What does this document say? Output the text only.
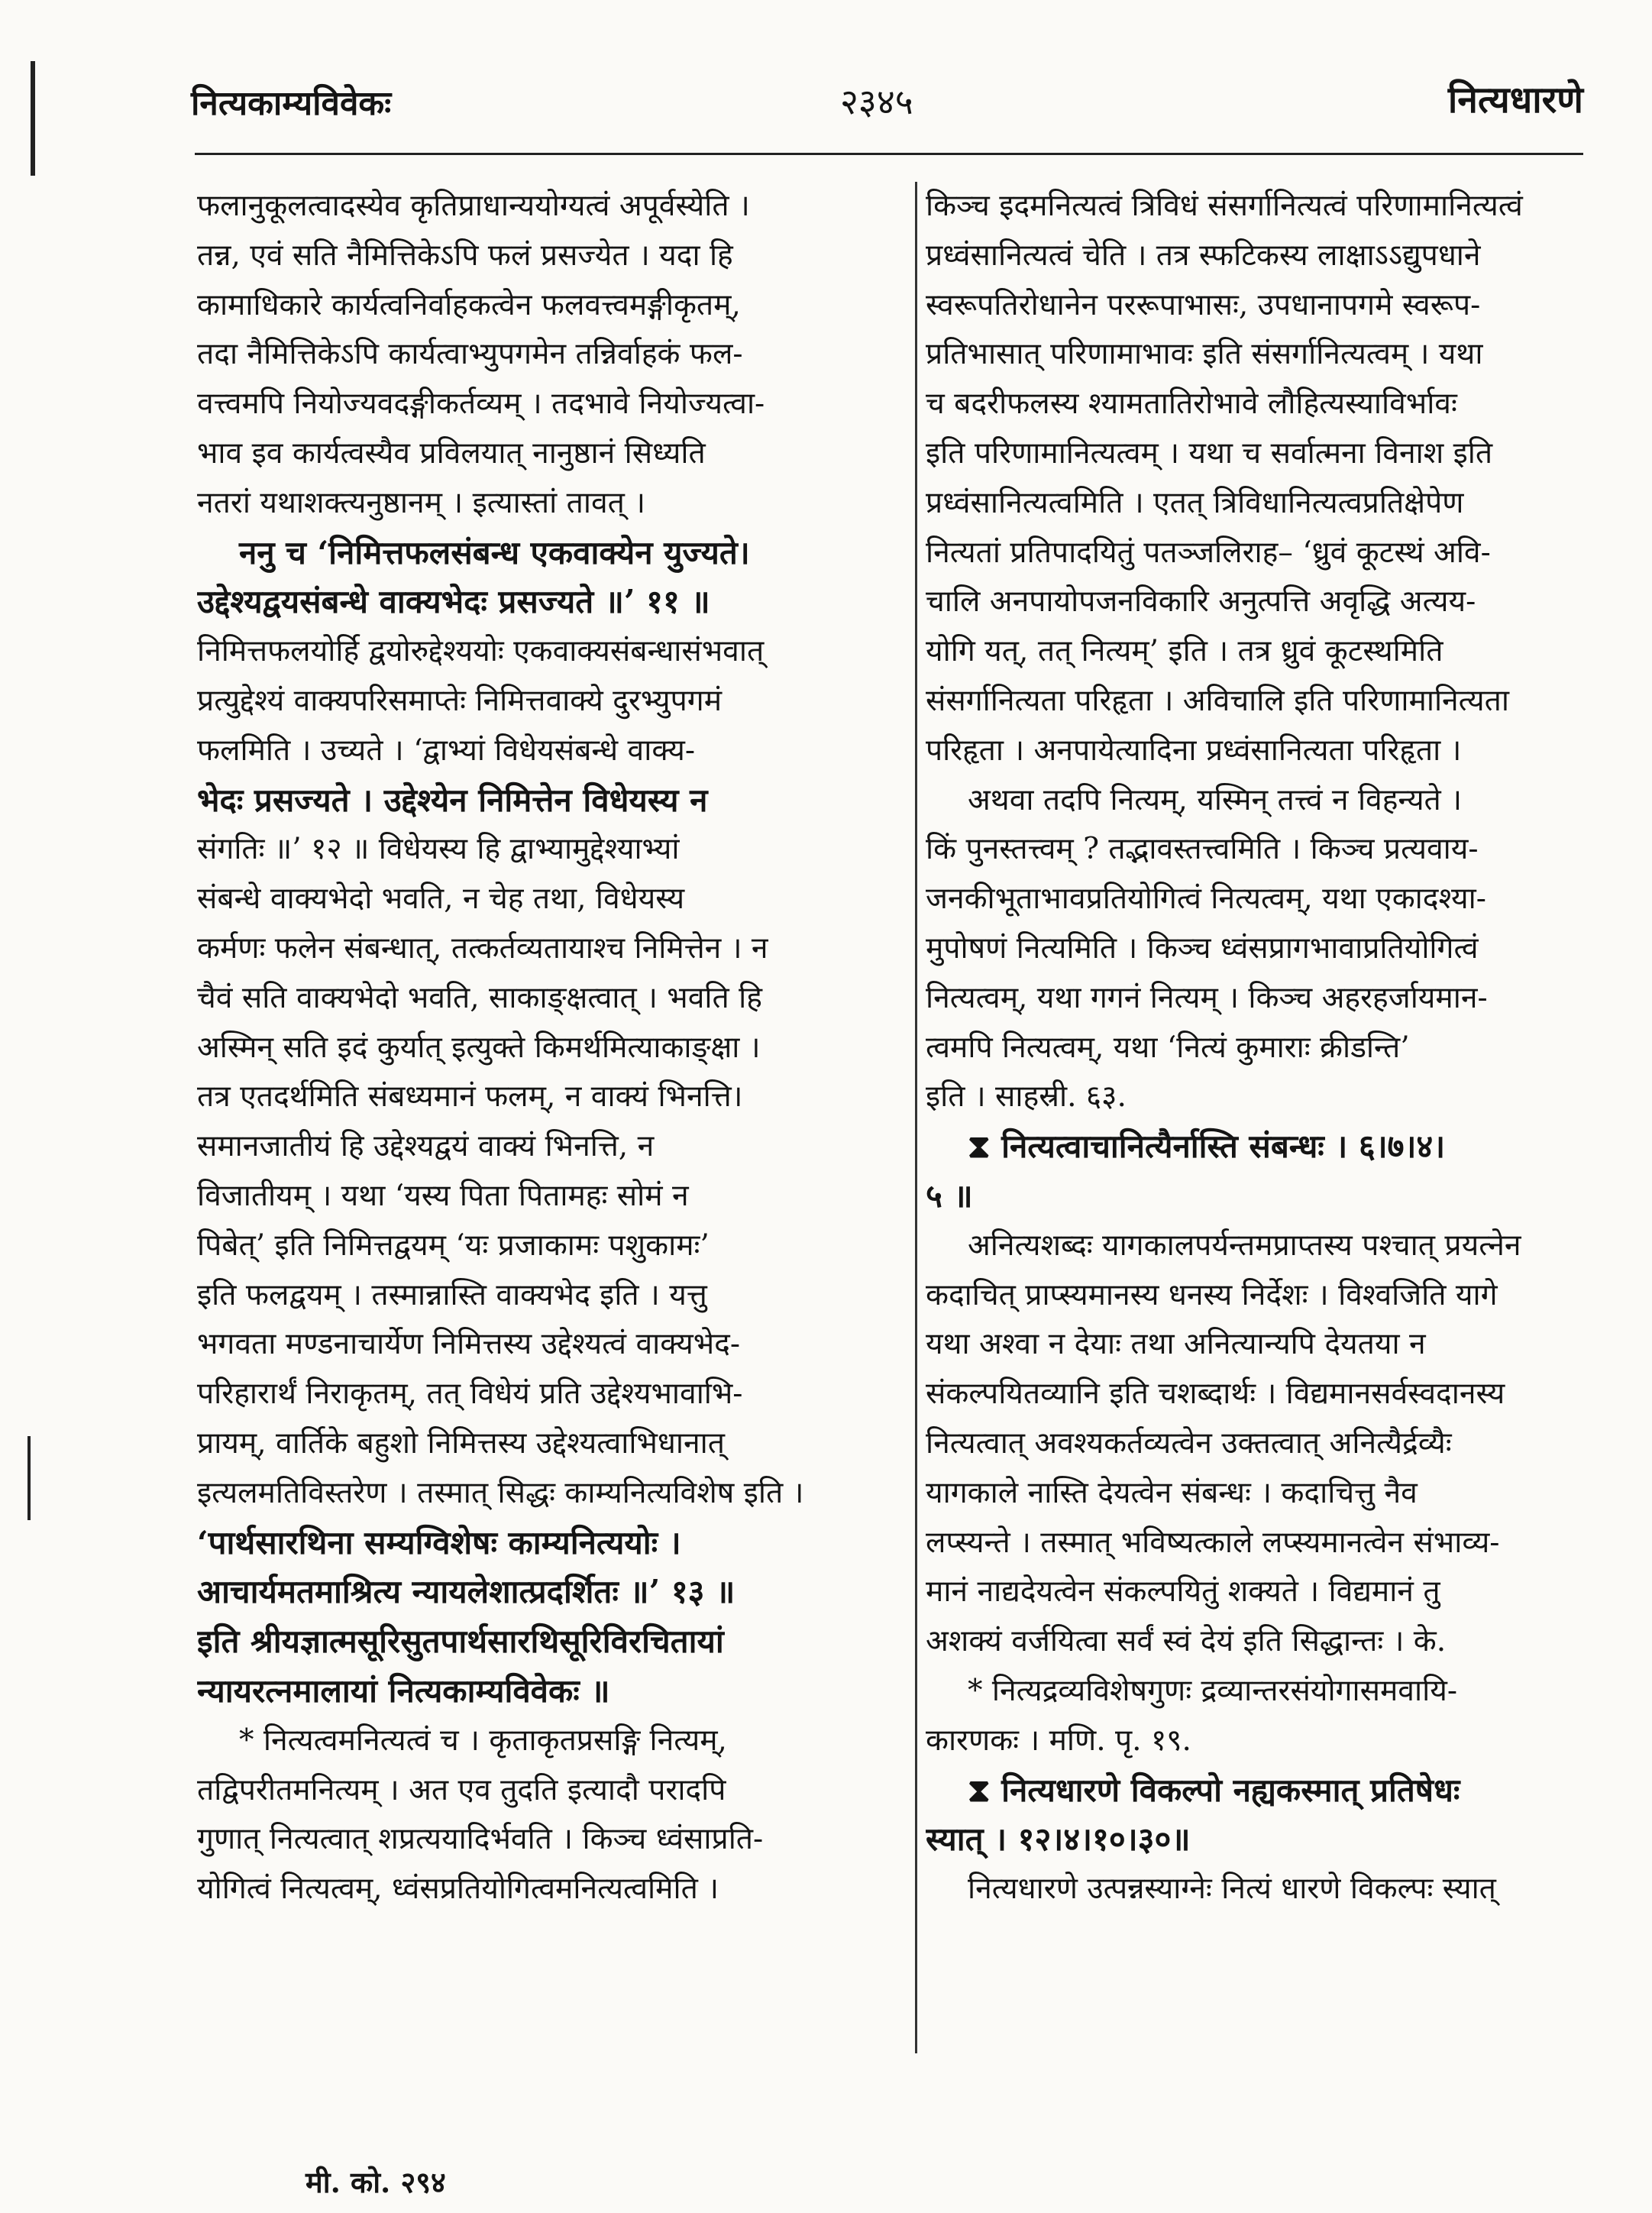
नित्यकाम्यविवेकः	२३४५	नित्यधारणे
फलानुकूलत्वादस्येव कृतिप्राधान्ययोग्यत्वं अपूर्वस्येति ।
तन्न, एवं सति नैमित्तिकेऽपि फलं प्रसज्येत । यदा हि
कामाधिकारे कार्यत्वनिर्वाहकत्वेन फलवत्त्वमङ्गीकृतम्,
तदा नैमित्तिकेऽपि कार्यत्वाभ्युपगमेन तन्निर्वाहकं फल-
वत्त्वमपि नियोज्यवदङ्गीकर्तव्यम् । तदभावे नियोज्यत्वा-
भाव इव कार्यत्वस्यैव प्रविलयात् नानुष्ठानं सिध्यति
नतरां यथाशक्त्यनुष्ठानम् । इत्यास्तां तावत् ।
ननु च ‘निमित्तफलसंबन्ध एकवाक्येन युज्यते।
उद्देश्यद्वयसंबन्धे वाक्यभेदः प्रसज्यते ॥’ ११ ॥
निमित्तफलयोर्हि द्वयोरुद्देश्ययोः एकवाक्यसंबन्धासंभवात्
प्रत्युद्देश्यं वाक्यपरिसमाप्तेः निमित्तवाक्ये दुरभ्युपगमं
फलमिति । उच्यते । ‘द्वाभ्यां विधेयसंबन्धे वाक्य-
भेदः प्रसज्यते । उद्देश्येन निमित्तेन विधेयस्य न
संगतिः ॥’ १२ ॥ विधेयस्य हि द्वाभ्यामुद्देश्याभ्यां
संबन्धे वाक्यभेदो भवति, न चेह तथा, विधेयस्य
कर्मणः फलेन संबन्धात्, तत्कर्तव्यतायाश्च निमित्तेन । न
चैवं सति वाक्यभेदो भवति, साकाङ्क्षत्वात् । भवति हि
अस्मिन् सति इदं कुर्यात् इत्युक्ते किमर्थमित्याकाङ्क्षा ।
तत्र एतदर्थमिति संबध्यमानं फलम्, न वाक्यं भिनत्ति।
समानजातीयं हि उद्देश्यद्वयं वाक्यं भिनत्ति, न
विजातीयम् । यथा ‘यस्य पिता पितामहः सोमं न
पिबेत्’ इति निमित्तद्वयम् ‘यः प्रजाकामः पशुकामः’
इति फलद्वयम् । तस्मान्नास्ति वाक्यभेद इति । यत्तु
भगवता मण्डनाचार्येण निमित्तस्य उद्देश्यत्वं वाक्यभेद-
परिहारार्थं निराकृतम्, तत् विधेयं प्रति उद्देश्यभावाभि-
प्रायम्, वार्तिके बहुशो निमित्तस्य उद्देश्यत्वाभिधानात्
इत्यलमतिविस्तरेण । तस्मात् सिद्धः काम्यनित्यविशेष इति ।
‘पार्थसारथिना सम्यग्विशेषः काम्यनित्ययोः ।
आचार्यमतमाश्रित्य न्यायलेशात्प्रदर्शितः ॥’ १३ ॥
इति श्रीयज्ञात्मसूरिसुतपार्थसारथिसूरिविरचितायां
न्यायरत्नमालायां नित्यकाम्यविवेकः ॥
* नित्यत्वमनित्यत्वं च । कृताकृतप्रसङ्गि नित्यम्,
तद्विपरीतमनित्यम् । अत एव तुदति इत्यादौ परादपि
गुणात् नित्यत्वात् शप्रत्ययादिर्भवति । किञ्च ध्वंसाप्रति-
योगित्वं नित्यत्वम्, ध्वंसप्रतियोगित्वमनित्यत्वमिति ।
किञ्च इदमनित्यत्वं त्रिविधं संसर्गानित्यत्वं परिणामानित्यत्वं
प्रध्वंसानित्यत्वं चेति । तत्र स्फटिकस्य लाक्षाऽऽद्युपधाने
स्वरूपतिरोधानेन पररूपाभासः, उपधानापगमे स्वरूप-
प्रतिभासात् परिणामाभावः इति संसर्गानित्यत्वम् । यथा
च बदरीफलस्य श्यामतातिरोभावे लौहित्यस्याविर्भावः
इति परिणामानित्यत्वम् । यथा च सर्वात्मना विनाश इति
प्रध्वंसानित्यत्वमिति । एतत् त्रिविधानित्यत्वप्रतिक्षेपेण
नित्यतां प्रतिपादयितुं पतञ्जलिराह– ‘ध्रुवं कूटस्थं अवि-
चालि अनपायोपजनविकारि अनुत्पत्ति अवृद्धि अत्यय-
योगि यत्, तत् नित्यम्’ इति । तत्र ध्रुवं कूटस्थमिति
संसर्गानित्यता परिहृता । अविचालि इति परिणामानित्यता
परिहृता । अनपायेत्यादिना प्रध्वंसानित्यता परिहृता ।
अथवा तदपि नित्यम्, यस्मिन् तत्त्वं न विहन्यते ।
किं पुनस्तत्त्वम् ? तद्भावस्तत्त्वमिति । किञ्च प्रत्यवाय-
जनकीभूताभावप्रतियोगित्वं नित्यत्वम्, यथा एकादश्या-
मुपोषणं नित्यमिति । किञ्च ध्वंसप्रागभावाप्रतियोगित्वं
नित्यत्वम्, यथा गगनं नित्यम् । किञ्च अहरहर्जायमान-
त्वमपि नित्यत्वम्, यथा ‘नित्यं कुमाराः क्रीडन्ति’
इति । साहस्री. ६३.
⧗ नित्यत्वाचानित्यैर्नास्ति संबन्धः । ६।७।४।
५ ॥
अनित्यशब्दः यागकालपर्यन्तमप्राप्तस्य पश्चात् प्रयत्नेन
कदाचित् प्राप्स्यमानस्य धनस्य निर्देशः । विश्वजिति यागे
यथा अश्वा न देयाः तथा अनित्यान्यपि देयतया न
संकल्पयितव्यानि इति चशब्दार्थः । विद्यमानसर्वस्वदानस्य
नित्यत्वात् अवश्यकर्तव्यत्वेन उक्तत्वात् अनित्यैर्द्रव्यैः
यागकाले नास्ति देयत्वेन संबन्धः । कदाचित्तु नैव
लप्स्यन्ते । तस्मात् भविष्यत्काले लप्स्यमानत्वेन संभाव्य-
मानं नाद्यदेयत्वेन संकल्पयितुं शक्यते । विद्यमानं तु
अशक्यं वर्जयित्वा सर्वं स्वं देयं इति सिद्धान्तः । के.
* नित्यद्रव्यविशेषगुणः द्रव्यान्तरसंयोगासमवायि-
कारणकः । मणि. पृ. १९.
⧗ नित्यधारणे विकल्पो नह्यकस्मात् प्रतिषेधः
स्यात् । १२।४।१०।३०॥
नित्यधारणे उत्पन्नस्याग्नेः नित्यं धारणे विकल्पः स्यात्
मी. को. २९४
